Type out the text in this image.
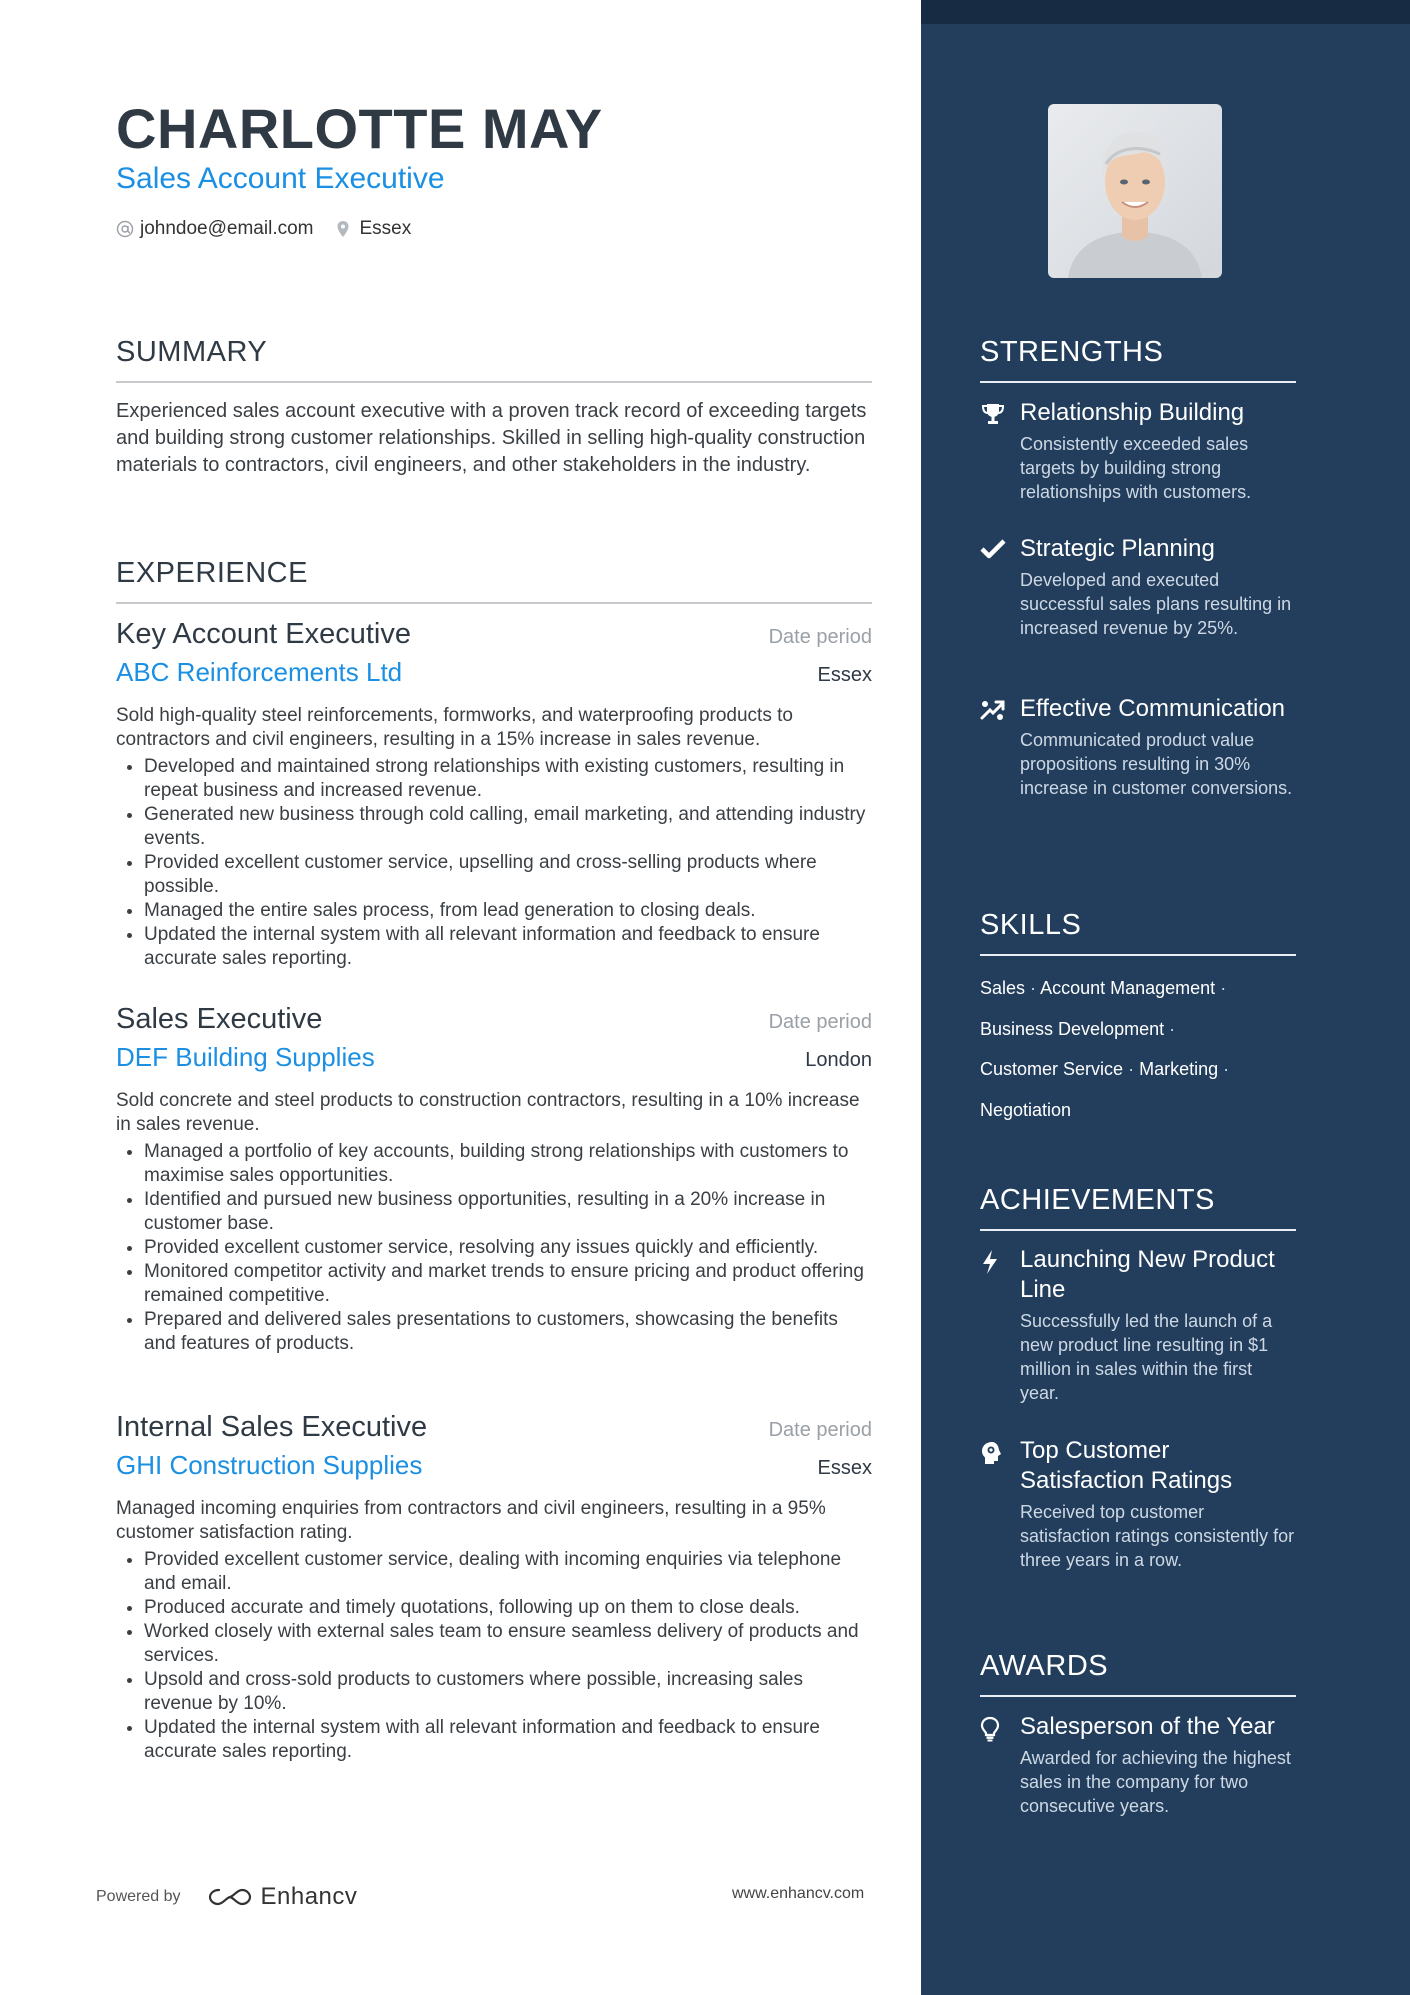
CHARLOTTE MAY
Sales Account Executive
johndoe@email.com Essex
SUMMARY
Experienced sales account executive with a proven track record of exceeding targets and building strong customer relationships. Skilled in selling high-quality construction materials to contractors, civil engineers, and other stakeholders in the industry.
EXPERIENCE
Key Account Executive	Date period
ABC Reinforcements Ltd	Essex
Sold high-quality steel reinforcements, formworks, and waterproofing products to contractors and civil engineers, resulting in a 15% increase in sales revenue.
• Developed and maintained strong relationships with existing customers, resulting in repeat business and increased revenue.
• Generated new business through cold calling, email marketing, and attending industry events.
• Provided excellent customer service, upselling and cross-selling products where possible.
• Managed the entire sales process, from lead generation to closing deals.
• Updated the internal system with all relevant information and feedback to ensure accurate sales reporting.
Sales Executive	Date period
DEF Building Supplies	London
Sold concrete and steel products to construction contractors, resulting in a 10% increase in sales revenue.
• Managed a portfolio of key accounts, building strong relationships with customers to maximise sales opportunities.
• Identified and pursued new business opportunities, resulting in a 20% increase in customer base.
• Provided excellent customer service, resolving any issues quickly and efficiently.
• Monitored competitor activity and market trends to ensure pricing and product offering remained competitive.
• Prepared and delivered sales presentations to customers, showcasing the benefits and features of products.
Internal Sales Executive	Date period
GHI Construction Supplies	Essex
Managed incoming enquiries from contractors and civil engineers, resulting in a 95% customer satisfaction rating.
• Provided excellent customer service, dealing with incoming enquiries via telephone and email.
• Produced accurate and timely quotations, following up on them to close deals.
• Worked closely with external sales team to ensure seamless delivery of products and services.
• Upsold and cross-sold products to customers where possible, increasing sales revenue by 10%.
• Updated the internal system with all relevant information and feedback to ensure accurate sales reporting.
Powered by	Enhancv	www.enhancv.com
STRENGTHS
Relationship Building
Consistently exceeded sales targets by building strong relationships with customers.
Strategic Planning
Developed and executed successful sales plans resulting in increased revenue by 25%.
Effective Communication
Communicated product value propositions resulting in 30% increase in customer conversions.
SKILLS
Sales · Account Management ·
Business Development ·
Customer Service · Marketing ·
Negotiation
ACHIEVEMENTS
Launching New Product Line
Successfully led the launch of a new product line resulting in $1 million in sales within the first year.
Top Customer Satisfaction Ratings
Received top customer satisfaction ratings consistently for three years in a row.
AWARDS
Salesperson of the Year
Awarded for achieving the highest sales in the company for two consecutive years.
